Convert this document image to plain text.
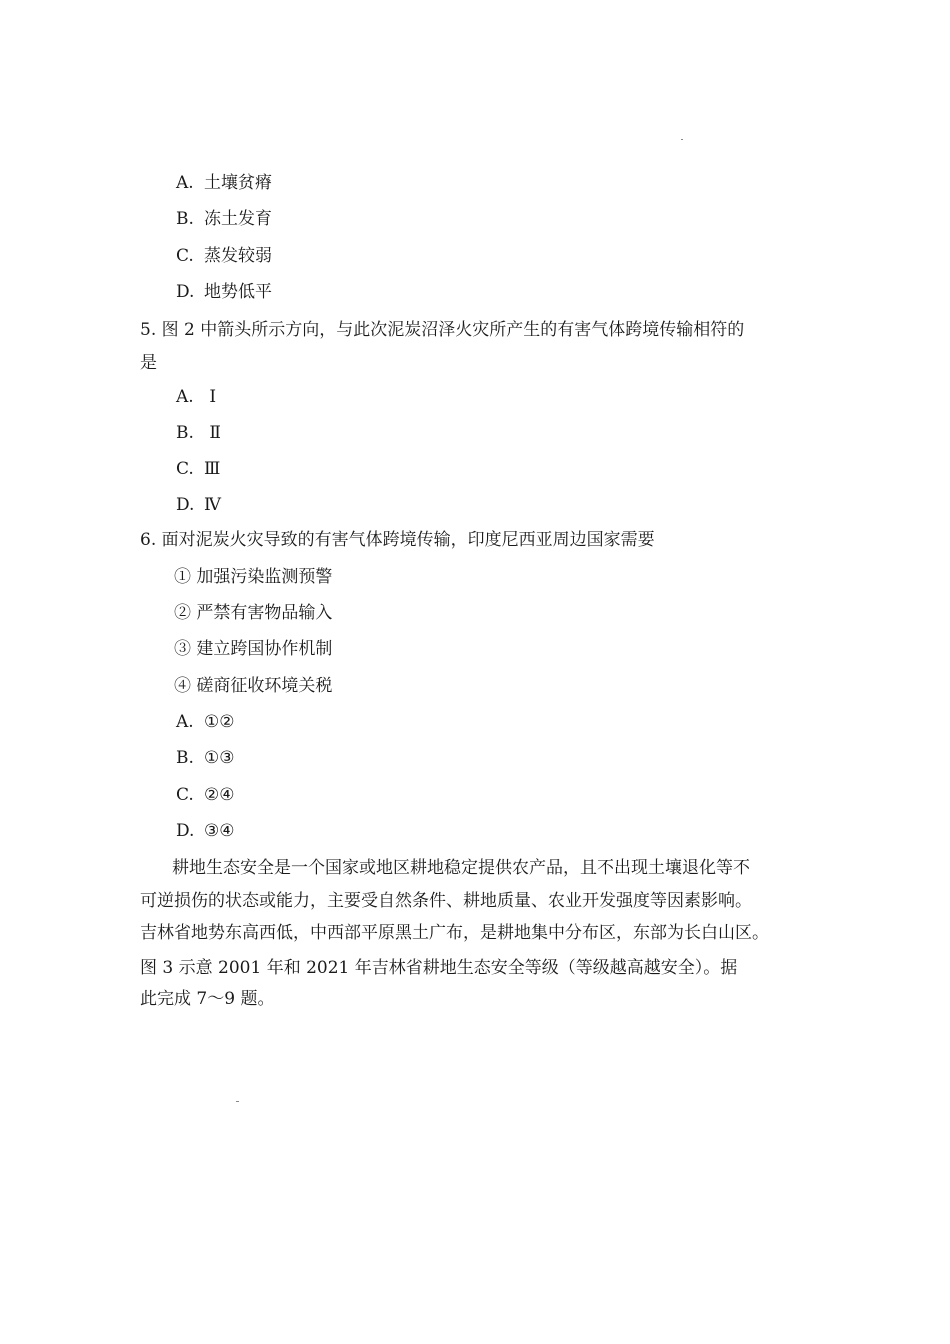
A. 土壤贫瘠
B. 冻土发育
C. 蒸发较弱
D. 地势低平
5. 图 2 中箭头所示方向，与此次泥炭沼泽火灾所产生的有害气体跨境传输相符的
是
A. Ⅰ
B. Ⅱ
C. Ⅲ
D. Ⅳ
6. 面对泥炭火灾导致的有害气体跨境传输，印度尼西亚周边国家需要
① 加强污染监测预警
② 严禁有害物品输入
③ 建立跨国协作机制
④ 磋商征收环境关税
A. ①②
B. ①③
C. ②④
D. ③④
耕地生态安全是一个国家或地区耕地稳定提供农产品，且不出现土壤退化等不
可逆损伤的状态或能力，主要受自然条件、耕地质量、农业开发强度等因素影响。
吉林省地势东高西低，中西部平原黑土广布，是耕地集中分布区，东部为长白山区。
图 3 示意 2001 年和 2021 年吉林省耕地生态安全等级（等级越高越安全）。据
此完成 7～9 题。
